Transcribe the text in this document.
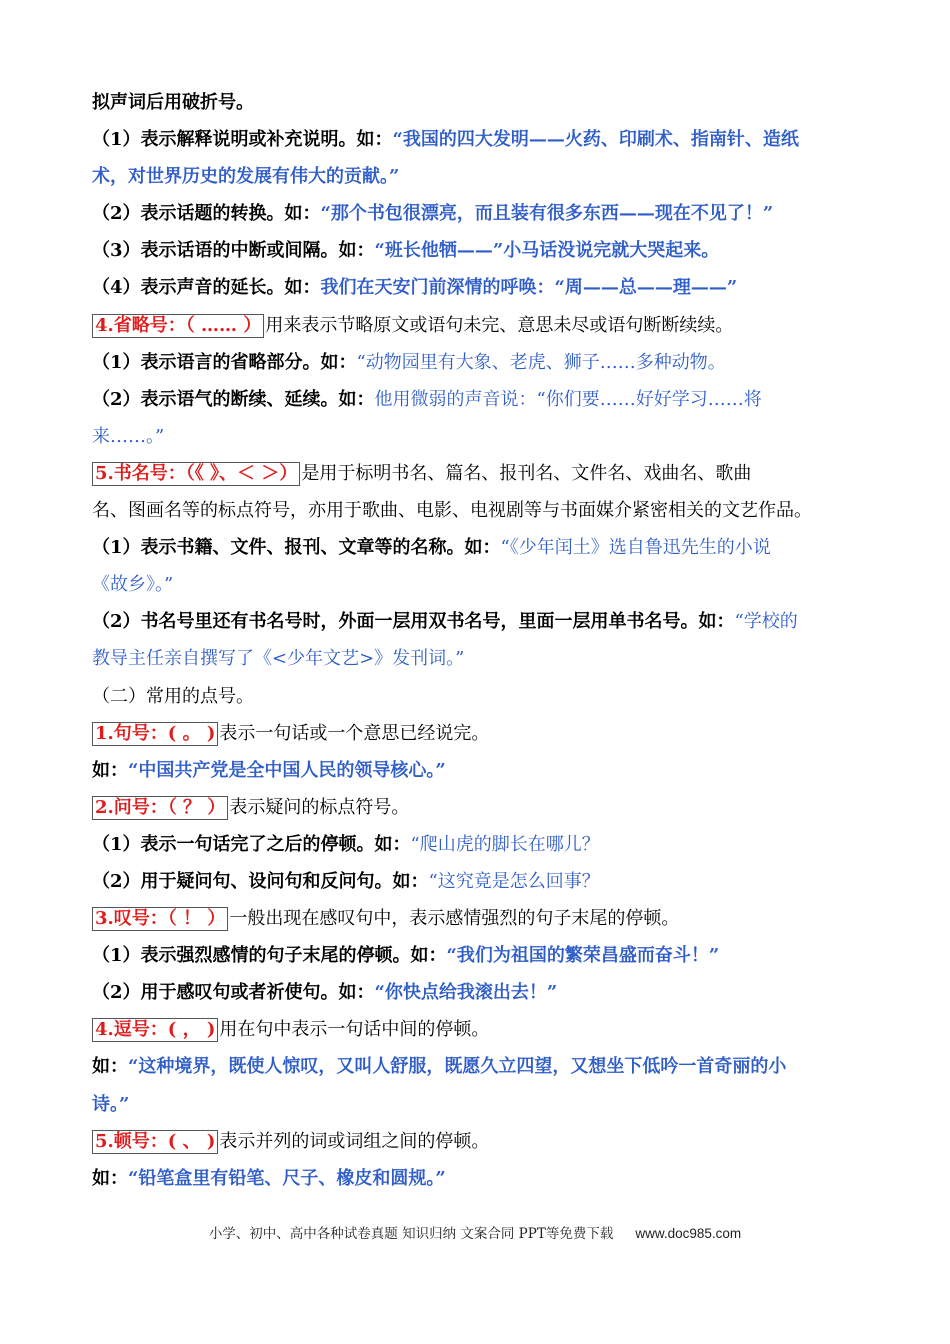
拟声词后用破折号。
（1）表示解释说明或补充说明。如：“我国的四大发明——火药、印刷术、指南针、造纸
术，对世界历史的发展有伟大的贡献。”
（2）表示话题的转换。如：“那个书包很漂亮，而且装有很多东西——现在不见了！”
（3）表示话语的中断或间隔。如：“班长他牺——”小马话没说完就大哭起来。
（4）表示声音的延长。如：我们在天安门前深情的呼唤：“周——总——理——”
4.省略号：（ …… ） 用来表示节略原文或语句未完、意思未尽或语句断断续续。
（1）表示语言的省略部分。如：“动物园里有大象、老虎、狮子……多种动物。
（2）表示语气的断续、延续。如：他用微弱的声音说：“你们要……好好学习……将
来……。”
5.书名号：（《 》、＜ ＞） 是用于标明书名、篇名、报刊名、文件名、戏曲名、歌曲
名、图画名等的标点符号，亦用于歌曲、电影、电视剧等与书面媒介紧密相关的文艺作品。
（1）表示书籍、文件、报刊、文章等的名称。如：“《少年闰土》选自鲁迅先生的小说
《故乡》。”
（2）书名号里还有书名号时，外面一层用双书名号，里面一层用单书名号。如：“学校的
教导主任亲自撰写了《<少年文艺>》发刊词。”
（二）常用的点号。
1.句号：( 。 ) 表示一句话或一个意思已经说完。
如：“中国共产党是全中国人民的领导核心。”
2.问号：（ ？ ） 表示疑问的标点符号。
（1）表示一句话完了之后的停顿。如：“爬山虎的脚长在哪儿？
（2）用于疑问句、设问句和反问句。如：“这究竟是怎么回事？
3.叹号：（ ！ ） 一般出现在感叹句中，表示感情强烈的句子末尾的停顿。
（1）表示强烈感情的句子末尾的停顿。如：“我们为祖国的繁荣昌盛而奋斗！”
（2）用于感叹句或者祈使句。如：“你快点给我滚出去！”
4.逗号：( ， ) 用在句中表示一句话中间的停顿。
如：“这种境界，既使人惊叹，又叫人舒服，既愿久立四望，又想坐下低吟一首奇丽的小
诗。”
5.顿号：( 、 ) 表示并列的词或词组之间的停顿。
如：“铅笔盒里有铅笔、尺子、橡皮和圆规。”
小学、初中、高中各种试卷真题 知识归纳 文案合同 PPT等免费下载 www.doc985.com
